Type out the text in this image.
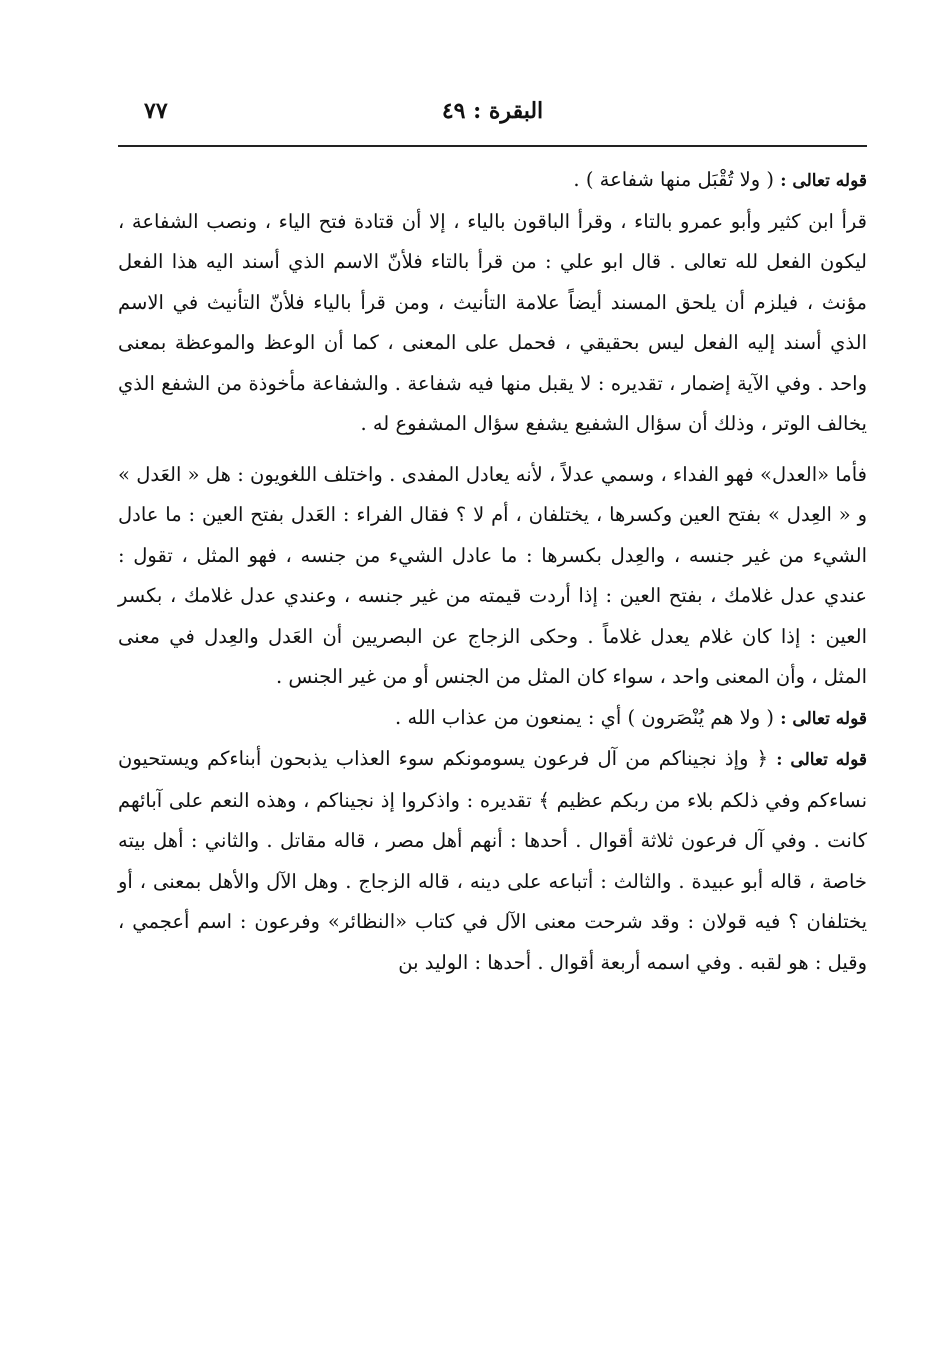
البقرة : ٤٩
٧٧

قوله تعالى : ( ولا تُقْبَل منها شفاعة ) .

قرأ ابن كثير وأبو عمرو بالتاء ، وقرأ الباقون بالياء ، إلا أن قتادة فتح الياء ، ونصب الشفاعة ، ليكون الفعل لله تعالى . قال ابو علي : من قرأ بالتاء فلأنّ الاسم الذي أسند اليه هذا الفعل مؤنث ، فيلزم أن يلحق المسند أيضاً علامة التأنيث ، ومن قرأ بالياء فلأنّ التأنيث في الاسم الذي أسند إليه الفعل ليس بحقيقي ، فحمل على المعنى ، كما أن الوعظ والموعظة بمعنى واحد . وفي الآية إضمار ، تقديره : لا يقبل منها فيه شفاعة . والشفاعة مأخوذة من الشفع الذي يخالف الوتر ، وذلك أن سؤال الشفيع يشفع سؤال المشفوع له .

فأما «العدل» فهو الفداء ، وسمي عدلاً ، لأنه يعادل المفدى . واختلف اللغويون : هل « العَدل » و « العِدل » بفتح العين وكسرها ، يختلفان ، أم لا ؟ فقال الفراء : العَدل بفتح العين : ما عادل الشيء من غير جنسه ، والعِدل بكسرها : ما عادل الشيء من جنسه ، فهو المثل ، تقول : عندي عدل غلامك ، بفتح العين : إذا أردت قيمته من غير جنسه ، وعندي عدل غلامك ، بكسر العين : إذا كان غلام يعدل غلاماً . وحكى الزجاج عن البصريين أن العَدل والعِدل في معنى المثل ، وأن المعنى واحد ، سواء كان المثل من الجنس أو من غير الجنس .

قوله تعالى : ( ولا هم يُنْصَرون ) أي : يمنعون من عذاب الله .

قوله تعالى : ﴿ وإذ نجيناكم من آل فرعون يسومونكم سوء العذاب يذبحون أبناءكم ويستحيون نساءكم وفي ذلكم بلاء من ربكم عظيم ﴾ تقديره : واذكروا إذ نجيناكم ، وهذه النعم على آبائهم كانت . وفي آل فرعون ثلاثة أقوال . أحدها : أنهم أهل مصر ، قاله مقاتل . والثاني : أهل بيته خاصة ، قاله أبو عبيدة . والثالث : أتباعه على دينه ، قاله الزجاج . وهل الآل والأهل بمعنى ، أو يختلفان ؟ فيه قولان : وقد شرحت معنى الآل في كتاب «النظائر» وفرعون : اسم أعجمي ، وقيل : هو لقبه . وفي اسمه أربعة أقوال . أحدها : الوليد بن
